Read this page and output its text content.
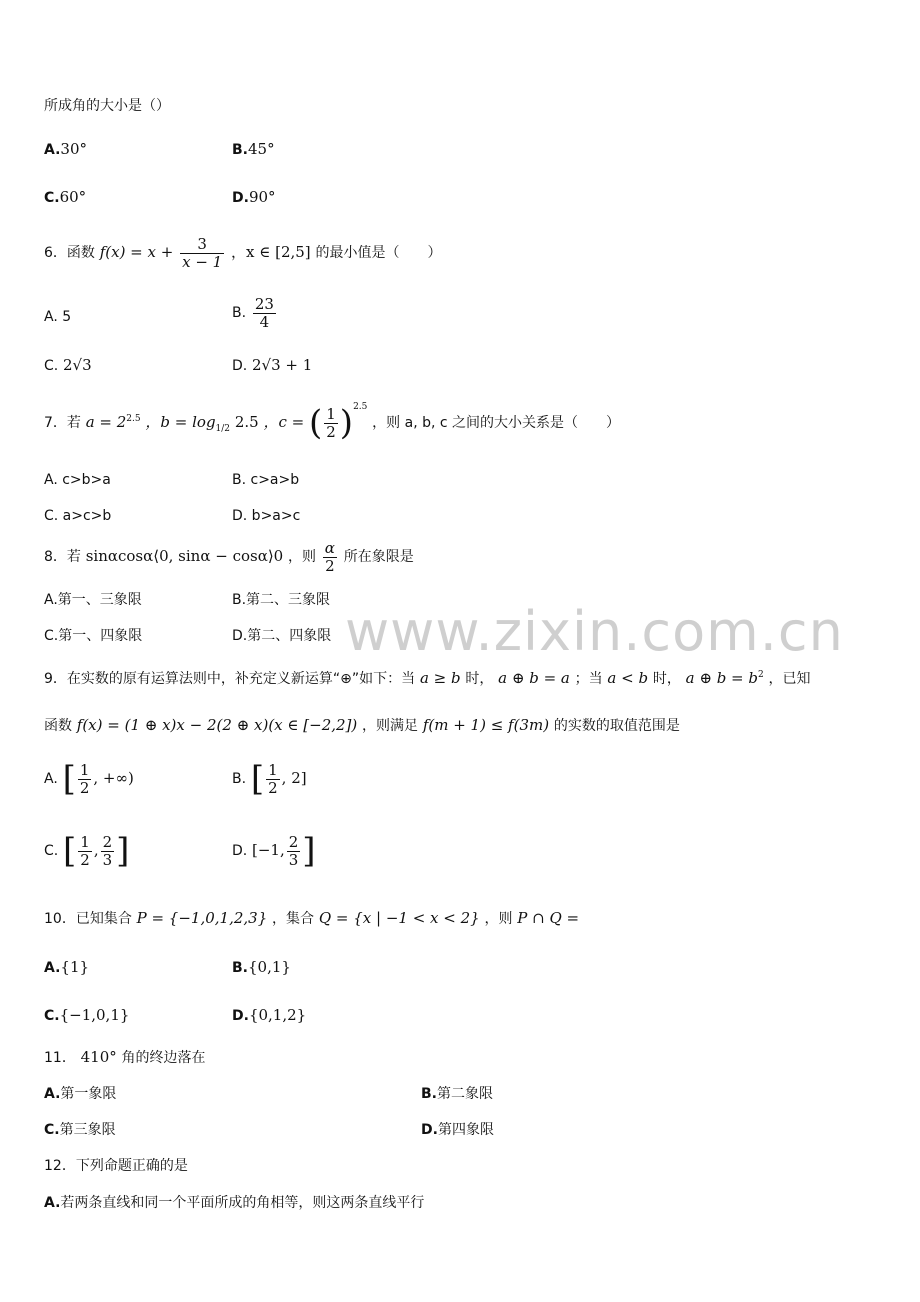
www.zixin.com.cn
所成角的大小是（）
A.30°	B.45°
C.60°	D.90°
6．函数 $f(x) = x + \frac{3}{x - 1}$ ，x ∈ [2,5] 的最小值是（　　）
A. 5	B. $\frac{23}{4}$
C. 2√3	D. 2√3 + 1
7．若 $a = 2^{2.5}$ ，$b = \log_{1/2} 2.5$ ，c = ( $\frac{1}{2} )^{2.5}$ ，则 a, b, c 之间的大小关系是（　　）
A. c>b>a	B. c>a>b
C. a>c>b	D. b>a>c
8．若 sinαcosα⟨0, sinα − cosα⟩0 ，则 $\frac{\alpha}{2}$ 所在象限是
A.第一、三象限	B.第二、三象限
C.第一、四象限	D.第二、四象限
9．在实数的原有运算法则中，补充定义新运算“⊕”如下：当 a ≥ b 时， a ⊕ b = a ；当 a < b 时， a ⊕ $b = b^2$ ，已知
函数 f(x) = (1 ⊕ x)x − 2(2 ⊕ x)(x ∈ [−2,2]) ，则满足 f(m + 1) ≤ f(3m) 的实数的取值范围是
A. [ $\frac{1}{2}$ , +∞)	B. [ $\frac{1}{2}$ , 2]
C. [ $\frac{1}{2}$ , $\frac{2}{3}$ ]	D. [−1, $\frac{2}{3}$ ]
10．已知集合 P = {−1,0,1,2,3} ，集合 Q = {x | −1 < x < 2} ，则 P ∩ Q =
A.{1}	B.{0,1}
C.{−1,0,1}	D.{0,1,2}
11． 410° 角的终边落在
A.第一象限	B.第二象限
C.第三象限	D.第四象限
12．下列命题正确的是
A.若两条直线和同一个平面所成的角相等，则这两条直线平行
